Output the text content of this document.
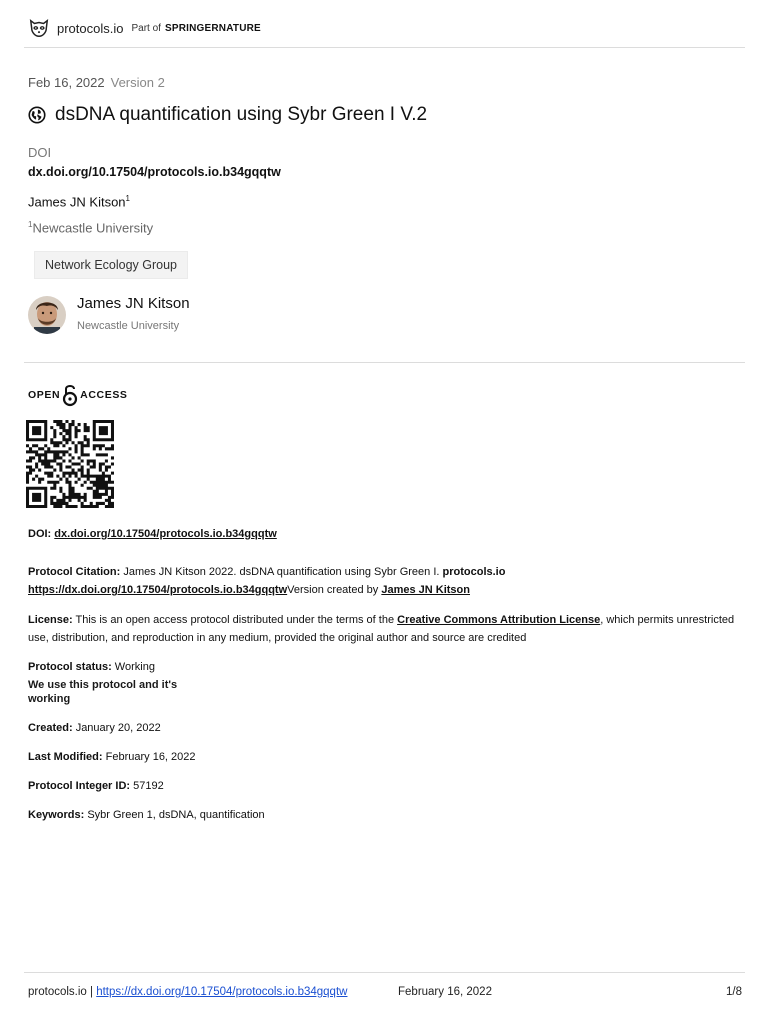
protocols.io Part of SPRINGERNATURE
Feb 16, 2022 Version 2
dsDNA quantification using Sybr Green I V.2
DOI
dx.doi.org/10.17504/protocols.io.b34gqqtw
James JN Kitson$^1$
$^1$Newcastle University
Network Ecology Group
James JN Kitson
Newcastle University
OPEN ACCESS
DOI: dx.doi.org/10.17504/protocols.io.b34gqqtw
Protocol Citation: James JN Kitson 2022. dsDNA quantification using Sybr Green I. protocols.io
https://dx.doi.org/10.17504/protocols.io.b34gqqtwVersion created by James JN Kitson
License: This is an open access protocol distributed under the terms of the Creative Commons Attribution License, which permits unrestricted use, distribution, and reproduction in any medium, provided the original author and source are credited
Protocol status: Working
We use this protocol and it's working
Created: January 20, 2022
Last Modified: February 16, 2022
Protocol Integer ID: 57192
Keywords: Sybr Green 1, dsDNA, quantification
protocols.io | https://dx.doi.org/10.17504/protocols.io.b34gqqtw	February 16, 2022	1/8
